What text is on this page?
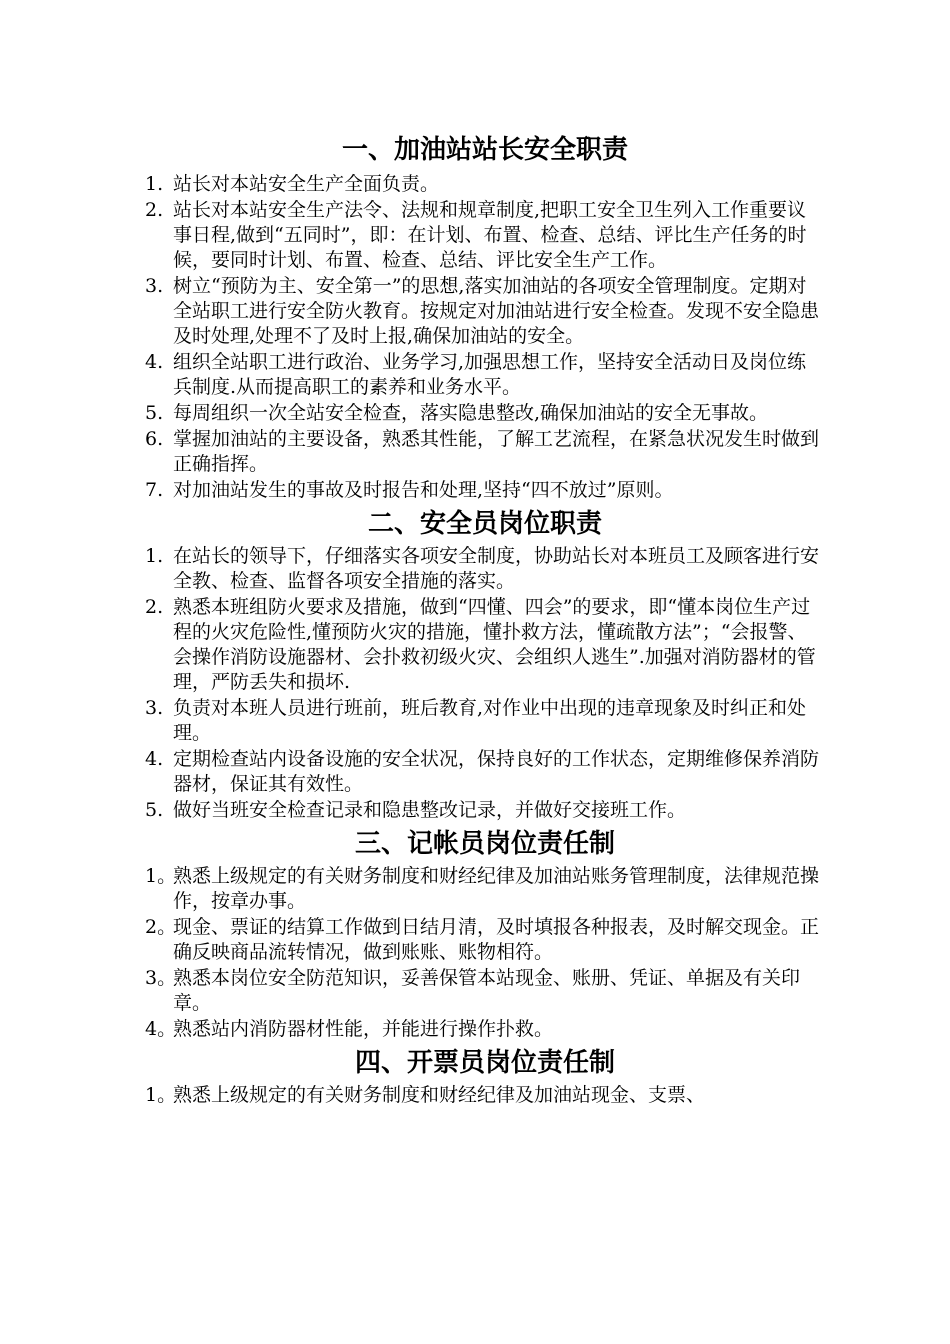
一、加油站站长安全职责
1. 站长对本站安全生产全面负责。
2. 站长对本站安全生产法令、法规和规章制度,把职工安全卫生列入工作重要议事日程,做到“五同时”，即：在计划、布置、检查、总结、评比生产任务的时候，要同时计划、布置、检查、总结、评比安全生产工作。
3. 树立“预防为主、安全第一”的思想,落实加油站的各项安全管理制度。定期对全站职工进行安全防火教育。按规定对加油站进行安全检查。发现不安全隐患及时处理,处理不了及时上报,确保加油站的安全。
4. 组织全站职工进行政治、业务学习,加强思想工作，坚持安全活动日及岗位练兵制度.从而提高职工的素养和业务水平。
5. 每周组织一次全站安全检查，落实隐患整改,确保加油站的安全无事故。
6. 掌握加油站的主要设备，熟悉其性能，了解工艺流程，在紧急状况发生时做到正确指挥。
7. 对加油站发生的事故及时报告和处理,坚持“四不放过”原则。
二、安全员岗位职责
1. 在站长的领导下，仔细落实各项安全制度，协助站长对本班员工及顾客进行安全教、检查、监督各项安全措施的落实。
2. 熟悉本班组防火要求及措施，做到“四懂、四会”的要求，即“懂本岗位生产过程的火灾危险性,懂预防火灾的措施，懂扑救方法，懂疏散方法”；“会报警、会操作消防设施器材、会扑救初级火灾、会组织人逃生”.加强对消防器材的管理，严防丢失和损坏.
3. 负责对本班人员进行班前，班后教育,对作业中出现的违章现象及时纠正和处理。
4. 定期检查站内设备设施的安全状况，保持良好的工作状态，定期维修保养消防器材，保证其有效性。
5. 做好当班安全检查记录和隐患整改记录，并做好交接班工作。
三、记帐员岗位责任制
1。
熟悉上级规定的有关财务制度和财经纪律及加油站账务管理制度，法律规范操作，按章办事。
2。
现金、票证的结算工作做到日结月清，及时填报各种报表，及时解交现金。正确反映商品流转情况，做到账账、账物相符。
3。
熟悉本岗位安全防范知识，妥善保管本站现金、账册、凭证、单据及有关印章。
4。
熟悉站内消防器材性能，并能进行操作扑救。
四、开票员岗位责任制
1。
熟悉上级规定的有关财务制度和财经纪律及加油站现金、支票、
